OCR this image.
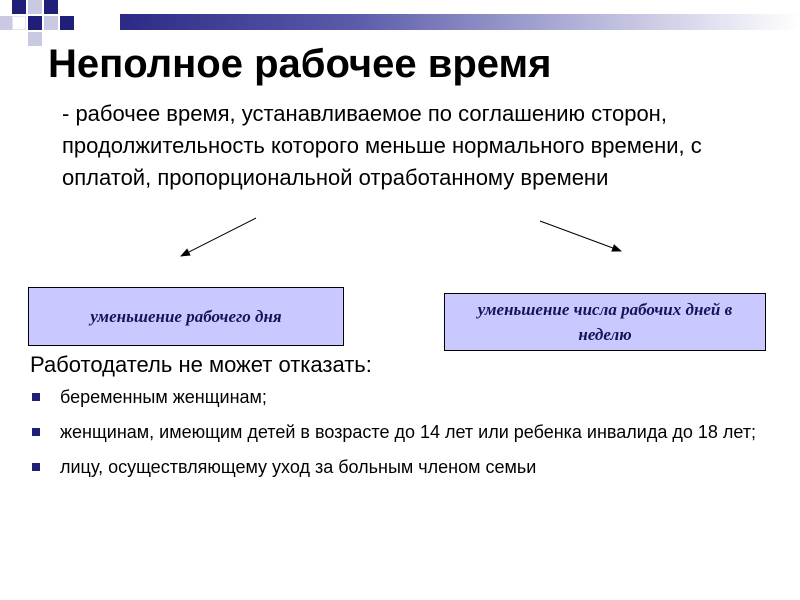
Неполное рабочее время
- рабочее время, устанавливаемое по соглашению сторон, продолжительность которого меньше нормального времени, с оплатой, пропорциональной отработанному времени
уменьшение рабочего дня	уменьшение числа рабочих дней в неделю
Работодатель не может отказать:
беременным женщинам;
женщинам, имеющим детей в возрасте до 14 лет или ребенка инвалида до 18 лет;
лицу, осуществляющему уход за больным членом семьи
